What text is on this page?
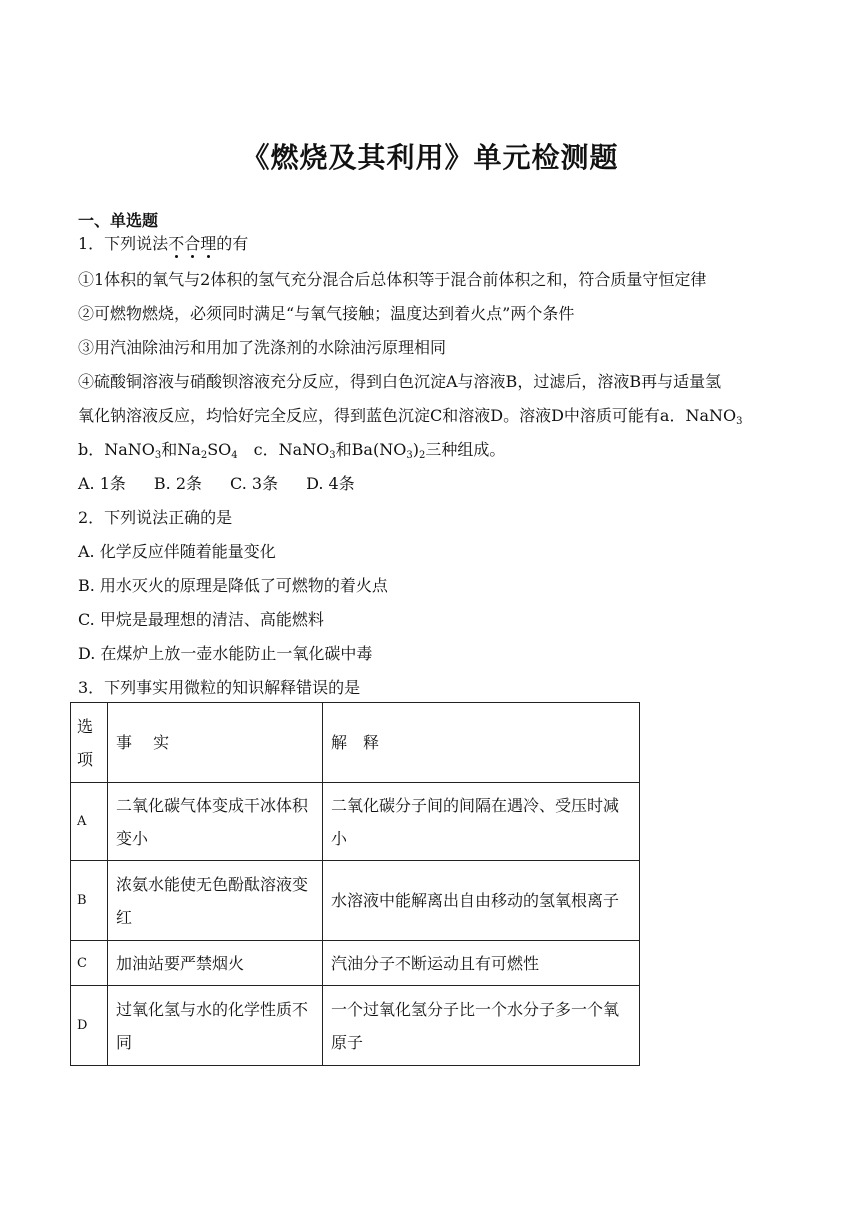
《燃烧及其利用》单元检测题
一、单选题
1．下列说法不合理的有
①1体积的氧气与2体积的氢气充分混合后总体积等于混合前体积之和，符合质量守恒定律
②可燃物燃烧，必须同时满足“与氧气接触；温度达到着火点”两个条件
③用汽油除油污和用加了洗涤剂的水除油污原理相同
④硫酸铜溶液与硝酸钡溶液充分反应，得到白色沉淀A与溶液B，过滤后，溶液B再与适量氢
氧化钠溶液反应，均恰好完全反应，得到蓝色沉淀C和溶液D。溶液D中溶质可能有a．NaNO$_3$
b．NaNO$_3$和$Na_2SO_4$　c．NaNO$_3$和$Ba(NO_3)_2$三种组成。
A. 1条 B. 2条 C. 3条 D. 4条
2．下列说法正确的是
A. 化学反应伴随着能量变化
B. 用水灭火的原理是降低了可燃物的着火点
C. 甲烷是最理想的清洁、高能燃料
D. 在煤炉上放一壶水能防止一氧化碳中毒
3．下列事实用微粒的知识解释错误的是
选项	事　 实	解　释
A	二氧化碳气体变成干冰体积变小	二氧化碳分子间的间隔在遇冷、受压时减小
B	浓氨水能使无色酚酞溶液变红	水溶液中能解离出自由移动的氢氧根离子
C	加油站要严禁烟火	汽油分子不断运动且有可燃性
D	过氧化氢与水的化学性质不同	一个过氧化氢分子比一个水分子多一个氧原子
